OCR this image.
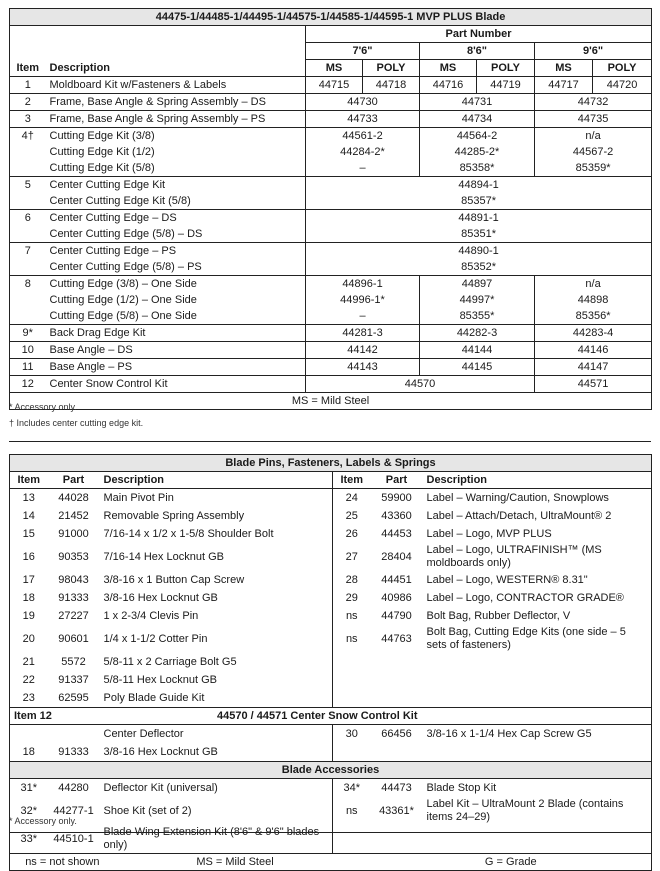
44475-1/44485-1/44495-1/44575-1/44585-1/44595-1 MVP PLUS Blade							
		Part Number					
		7'6"		8'6"		9'6"	
Item	Description	MS	POLY	MS	POLY	MS	POLY
1	Moldboard Kit w/Fasteners & Labels	44715	44718	44716	44719	44717	44720
2	Frame, Base Angle & Spring Assembly – DS	44730		44731		44732	
3	Frame, Base Angle & Spring Assembly – PS	44733		44734		44735	
4†	Cutting Edge Kit (3/8)	44561-2		44564-2		n/a	
	Cutting Edge Kit (1/2)	44284-2*		44285-2*		44567-2	
	Cutting Edge Kit (5/8)	–		85358*		85359*	
5	Center Cutting Edge Kit	44894-1					
	Center Cutting Edge Kit (5/8)	85357*					
6	Center Cutting Edge – DS	44891-1					
	Center Cutting Edge (5/8) – DS	85351*					
7	Center Cutting Edge – PS	44890-1					
	Center Cutting Edge (5/8) – PS	85352*					
8	Cutting Edge (3/8) – One Side	44896-1		44897		n/a	
	Cutting Edge (1/2) – One Side	44996-1*		44997*		44898	
	Cutting Edge (5/8) – One Side	–		85355*		85356*	
9*	Back Drag Edge Kit	44281-3		44282-3		44283-4	
10	Base Angle – DS	44142		44144		44146	
11	Base Angle – PS	44143		44145		44147	
12	Center Snow Control Kit	44570				44571	
MS = Mild Steel							
* Accessory only.
† Includes center cutting edge kit.
Blade Pins, Fasteners, Labels & Springs					
Item	Part	Description	Item	Part	Description
13	44028	Main Pivot Pin	24	59900	Label – Warning/Caution, Snowplows
14	21452	Removable Spring Assembly	25	43360	Label – Attach/Detach, UltraMount® 2
15	91000	7/16-14 x 1/2 x 1-5/8 Shoulder Bolt	26	44453	Label – Logo, MVP PLUS
16	90353	7/16-14 Hex Locknut GB	27	28404	Label – Logo, ULTRAFINISH™ (MS moldboards only)
17	98043	3/8-16 x 1 Button Cap Screw	28	44451	Label – Logo, WESTERN® 8.31"
18	91333	3/8-16 Hex Locknut GB	29	40986	Label – Logo, CONTRACTOR GRADE®
19	27227	1 x 2-3/4 Clevis Pin	ns	44790	Bolt Bag, Rubber Deflector, V
20	90601	1/4 x 1-1/2 Cotter Pin	ns	44763	Bolt Bag, Cutting Edge Kits (one side – 5 sets of fasteners)
21	5572	5/8-11 x 2 Carriage Bolt G5			
22	91337	5/8-11 Hex Locknut GB			
23	62595	Poly Blade Guide Kit			
Item 12		44570 / 44571 Center Snow Control Kit			
		Center Deflector	30	66456	3/8-16 x 1-1/4 Hex Cap Screw G5
18	91333	3/8-16 Hex Locknut GB			
Blade Accessories					
31*	44280	Deflector Kit (universal)	34*	44473	Blade Stop Kit
32*	44277-1	Shoe Kit (set of 2)	ns	43361*	Label Kit – UltraMount 2 Blade (contains items 24–29)
33*	44510-1	Blade Wing Extension Kit (8'6" & 9'6" blades only)			
ns = not shown		MS = Mild Steel		G = Grade	
* Accessory only.
